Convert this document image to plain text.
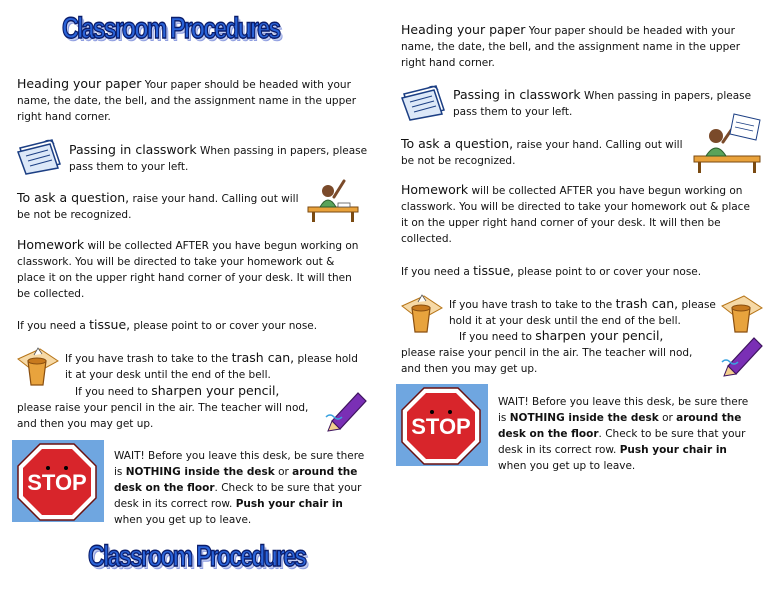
Classroom Procedures
Heading your paper Your paper should be headed with your name, the date, the bell, and the assignment name in the upper right hand corner.
Passing in classwork When passing in papers, please pass them to your left.
To ask a question, raise your hand. Calling out will be not be recognized.
Homework will be collected AFTER you have begun working on classwork. You will be directed to take your homework out & place it on the upper right hand corner of your desk. It will then be collected.
If you need a tissue, please point to or cover your nose.
If you have trash to take to the trash can, please hold it at your desk until the end of the bell.
If you need to sharpen your pencil, please raise your pencil in the air. The teacher will nod, and then you may get up.
STOP
WAIT! Before you leave this desk, be sure there is NOTHING inside the desk or around the desk on the floor. Check to be sure that your desk in its correct row. Push your chair in when you get up to leave.
Classroom Procedures
Heading your paper Your paper should be headed with your name, the date, the bell, and the assignment name in the upper right hand corner.
Passing in classwork When passing in papers, please pass them to your left.
To ask a question, raise your hand. Calling out will be not be recognized.
Homework will be collected AFTER you have begun working on classwork. You will be directed to take your homework out & place it on the upper right hand corner of your desk. It will then be collected.
If you need a tissue, please point to or cover your nose.
If you have trash to take to the trash can, please hold it at your desk until the end of the bell.
If you need to sharpen your pencil, please raise your pencil in the air. The teacher will nod, and then you may get up.
STOP
WAIT! Before you leave this desk, be sure there is NOTHING inside the desk or around the desk on the floor. Check to be sure that your desk in its correct row. Push your chair in when you get up to leave.
